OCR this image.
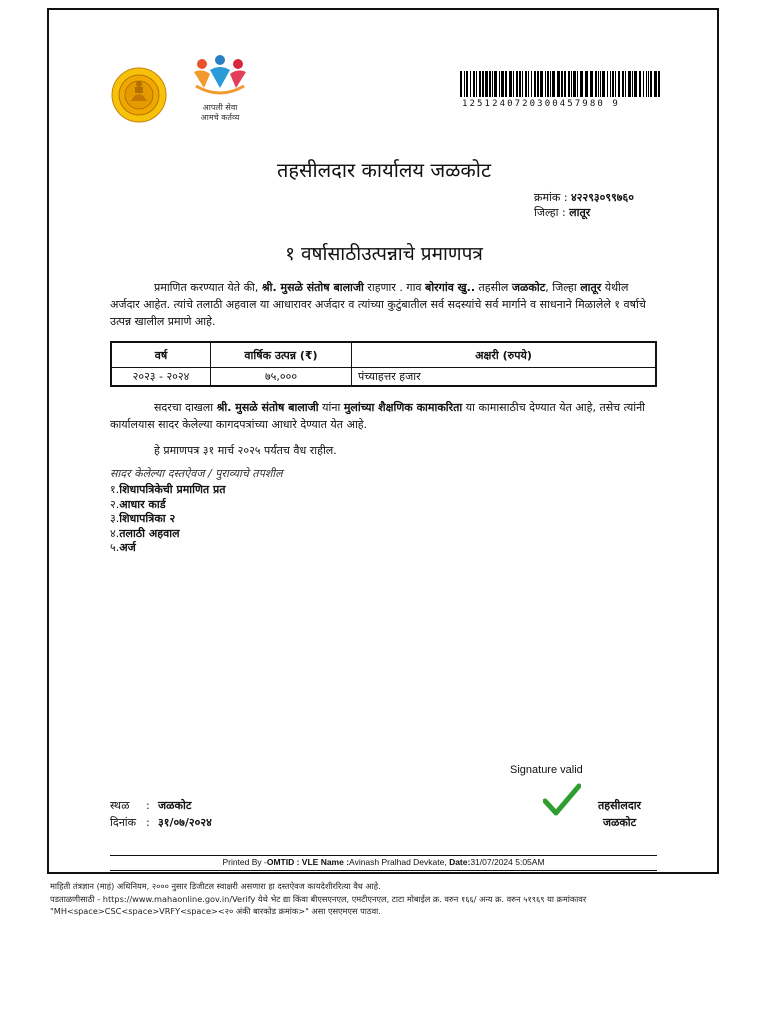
आपली सेवा
आमचे कर्तव्य
1251240720300457980 9
तहसीलदार कार्यालय जळकोट
क्रमांक : ४२२९३०९९७६०
जिल्हा : लातूर
१ वर्षासाठीउत्पन्नाचे प्रमाणपत्र
प्रमाणित करण्यात येते की, श्री. मुसळे संतोष बालाजी राहणार . गाव बोरगांव खु.. तहसील जळकोट, जिल्हा लातूर येथील अर्जदार आहेत. त्यांचे तलाठी अहवाल या आधारावर अर्जदार व त्यांच्या कुटुंबातील सर्व सदस्यांचे सर्व मार्गाने व साधनाने मिळालेले १ वर्षाचे उत्पन्न खालील प्रमाणे आहे.
वर्ष	वार्षिक उत्पन्न (₹)	अक्षरी (रुपये)
२०२३ - २०२४	७५,०००	पंच्याहत्तर हजार
सदरचा दाखला श्री. मुसळे संतोष बालाजी यांना मुलांच्या शैक्षणिक कामाकरिता या कामासाठीच देण्यात येत आहे, तसेच त्यांनी कार्यालयास सादर केलेल्या कागदपत्रांच्या आधारे देण्यात येत आहे.
हे प्रमाणपत्र ३१ मार्च २०२५ पर्यंतच वैध राहील.
सादर केलेल्या दस्तऐवज / पुराव्याचे तपशील
१.शिधापत्रिकेची प्रमाणित प्रत
२.आधार कार्ड
३.शिधापत्रिका २
४.तलाठी अहवाल
५.अर्ज
Signature valid
तहसीलदार
जळकोट
स्थळ : जळकोट
दिनांक : ३१/०७/२०२४
Printed By -OMTID : VLE Name :Avinash Pralhad Devkate, Date:31/07/2024 5:05AM
माहिती तंत्रज्ञान (माहं) अधिनियम, २००० नुसार डिजीटल स्वाक्षरी असणारा हा दस्तऐवज कायदेशीररित्या वैध आहे.
पडताळणीसाठी - https://www.mahaonline.gov.in/Verify येथे भेट द्या किंवा बीएसएनएल, एमटीएनएल, टाटा मोबाईल क्र. वरुन १६६/ अन्य क्र. वरुन ५१९६९ या क्रमांकावर
"MH<space>CSC<space>VRFY<space><२० अंकी बारकोड क्रमांक>" असा एसएमएस पाठवा.
